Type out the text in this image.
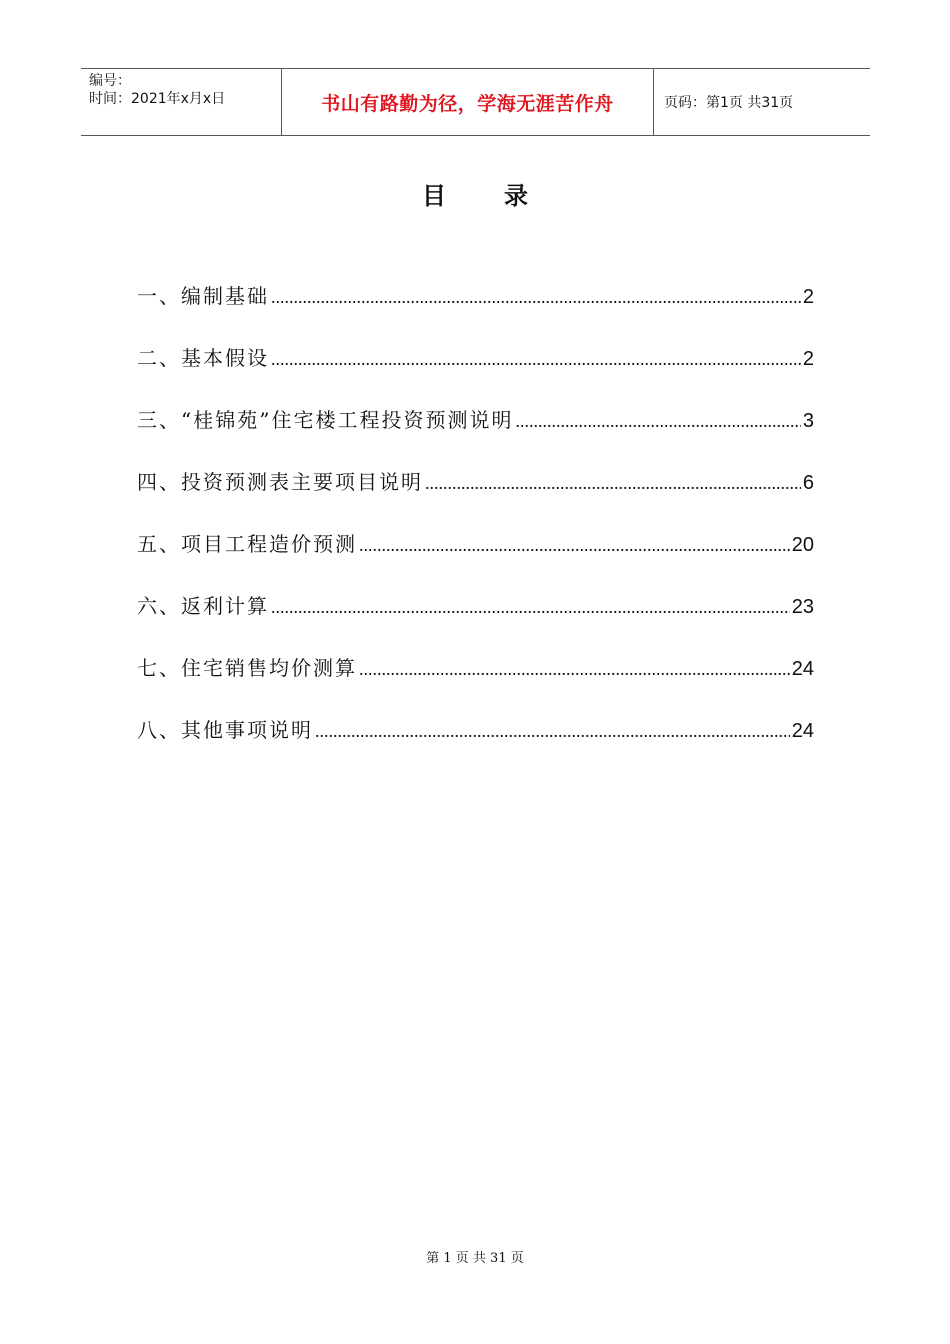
编号：
时间：2021年x月x日	书山有路勤为径，学海无涯苦作舟	页码：第1页 共31页
目录
一、编制基础 .....	2
二、基本假设 .....	2
三、“桂锦苑”住宅楼工程投资预测说明 .....	3
四、投资预测表主要项目说明 .....	6
五、项目工程造价预测 .....	20
六、返利计算 .....	23
七、住宅销售均价测算 .....	24
八、其他事项说明 .....	24
第 1 页 共 31 页
